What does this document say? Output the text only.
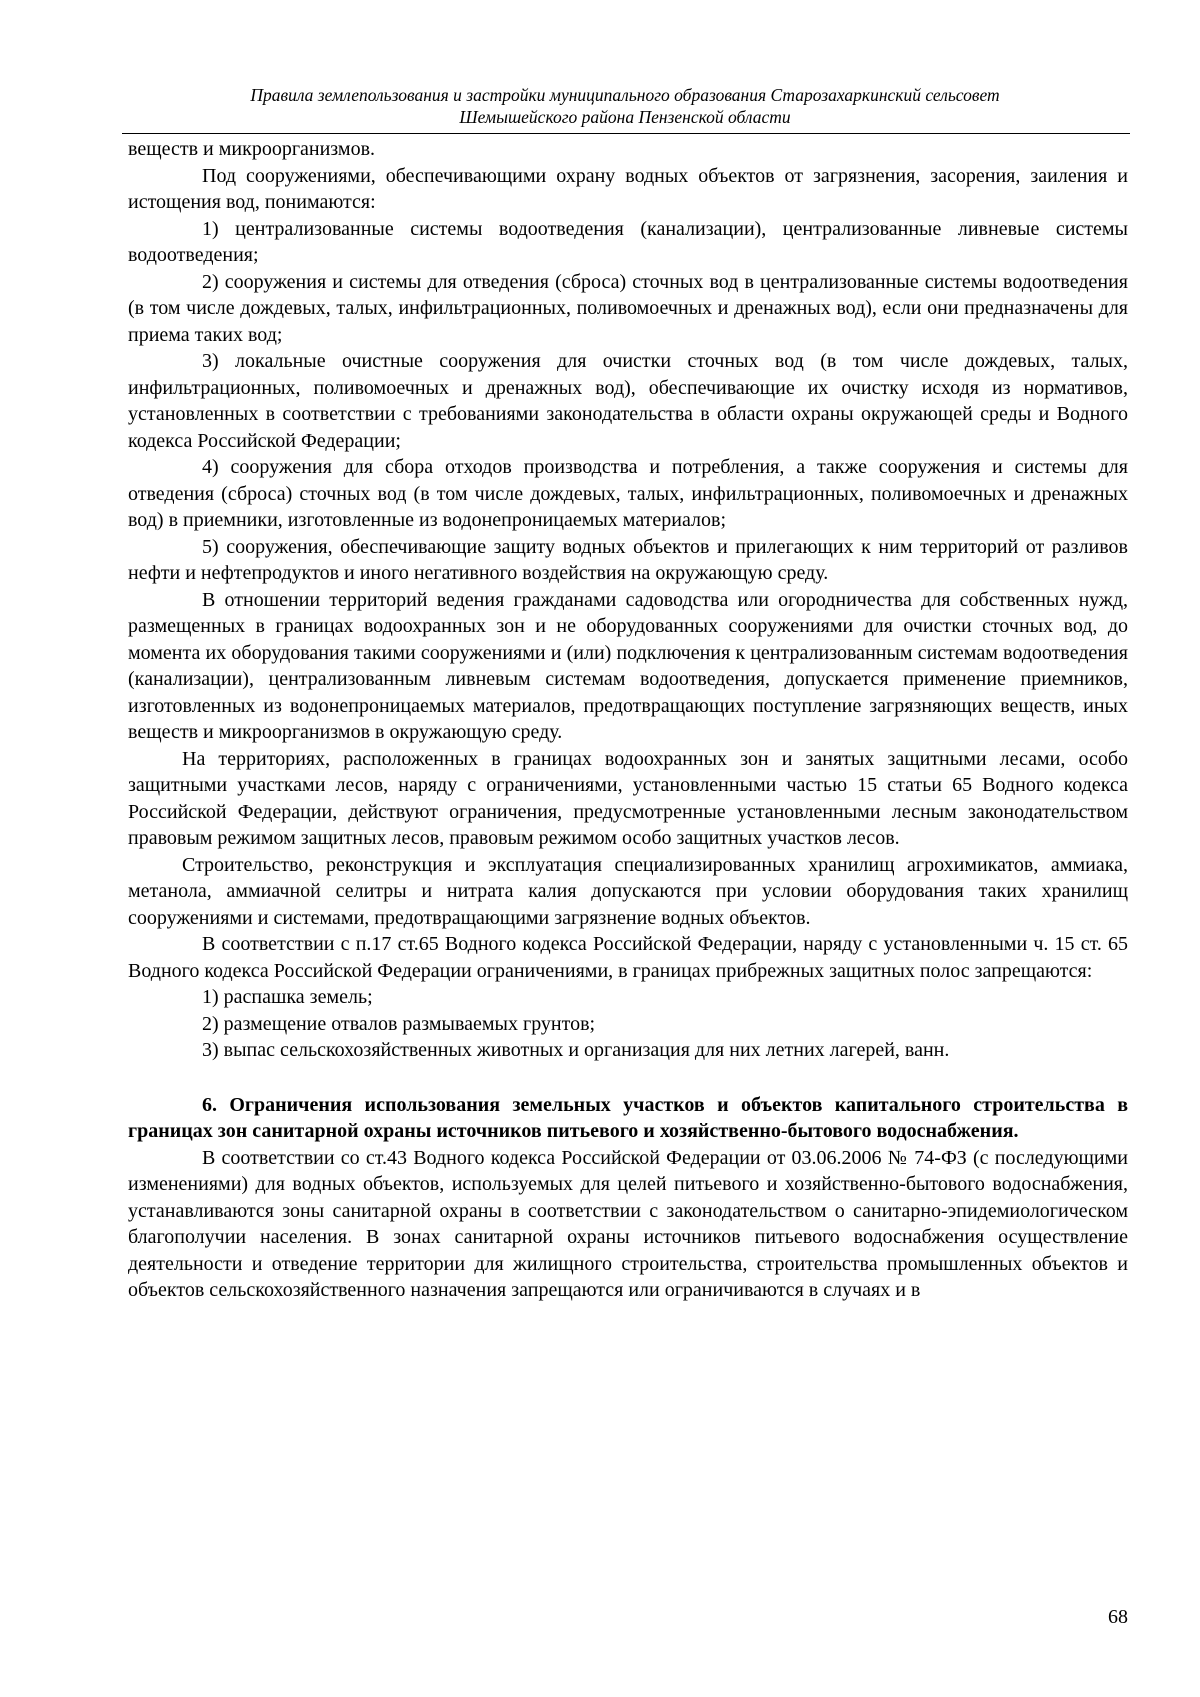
Правила землепользования и застройки муниципального образования Старозахаркинский сельсовет
Шемышейского района Пензенской области

веществ и микроорганизмов.

Под сооружениями, обеспечивающими охрану водных объектов от загрязнения, засорения, заиления и истощения вод, понимаются:

1) централизованные системы водоотведения (канализации), централизованные ливневые системы водоотведения;

2) сооружения и системы для отведения (сброса) сточных вод в централизованные системы водоотведения (в том числе дождевых, талых, инфильтрационных, поливомоечных и дренажных вод), если они предназначены для приема таких вод;

3) локальные очистные сооружения для очистки сточных вод (в том числе дождевых, талых, инфильтрационных, поливомоечных и дренажных вод), обеспечивающие их очистку исходя из нормативов, установленных в соответствии с требованиями законодательства в области охраны окружающей среды и Водного кодекса Российской Федерации;

4) сооружения для сбора отходов производства и потребления, а также сооружения и системы для отведения (сброса) сточных вод (в том числе дождевых, талых, инфильтрационных, поливомоечных и дренажных вод) в приемники, изготовленные из водонепроницаемых материалов;

5) сооружения, обеспечивающие защиту водных объектов и прилегающих к ним территорий от разливов нефти и нефтепродуктов и иного негативного воздействия на окружающую среду.

В отношении территорий ведения гражданами садоводства или огородничества для собственных нужд, размещенных в границах водоохранных зон и не оборудованных сооружениями для очистки сточных вод, до момента их оборудования такими сооружениями и (или) подключения к централизованным системам водоотведения (канализации), централизованным ливневым системам водоотведения, допускается применение приемников, изготовленных из водонепроницаемых материалов, предотвращающих поступление загрязняющих веществ, иных веществ и микроорганизмов в окружающую среду.

На территориях, расположенных в границах водоохранных зон и занятых защитными лесами, особо защитными участками лесов, наряду с ограничениями, установленными частью 15 статьи 65 Водного кодекса Российской Федерации, действуют ограничения, предусмотренные установленными лесным законодательством правовым режимом защитных лесов, правовым режимом особо защитных участков лесов.

Строительство, реконструкция и эксплуатация специализированных хранилищ агрохимикатов, аммиака, метанола, аммиачной селитры и нитрата калия допускаются при условии оборудования таких хранилищ сооружениями и системами, предотвращающими загрязнение водных объектов.

В соответствии с п.17 ст.65 Водного кодекса Российской Федерации, наряду с установленными ч. 15 ст. 65 Водного кодекса Российской Федерации ограничениями, в границах прибрежных защитных полос запрещаются:

1) распашка земель;

2) размещение отвалов размываемых грунтов;

3) выпас сельскохозяйственных животных и организация для них летних лагерей, ванн.

6. Ограничения использования земельных участков и объектов капитального строительства в границах зон санитарной охраны источников питьевого и хозяйственно-бытового водоснабжения.

В соответствии со ст.43 Водного кодекса Российской Федерации от 03.06.2006 № 74-ФЗ (с последующими изменениями) для водных объектов, используемых для целей питьевого и хозяйственно-бытового водоснабжения, устанавливаются зоны санитарной охраны в соответствии с законодательством о санитарно-эпидемиологическом благополучии населения. В зонах санитарной охраны источников питьевого водоснабжения осуществление деятельности и отведение территории для жилищного строительства, строительства промышленных объектов и объектов сельскохозяйственного назначения запрещаются или ограничиваются в случаях и в

68
